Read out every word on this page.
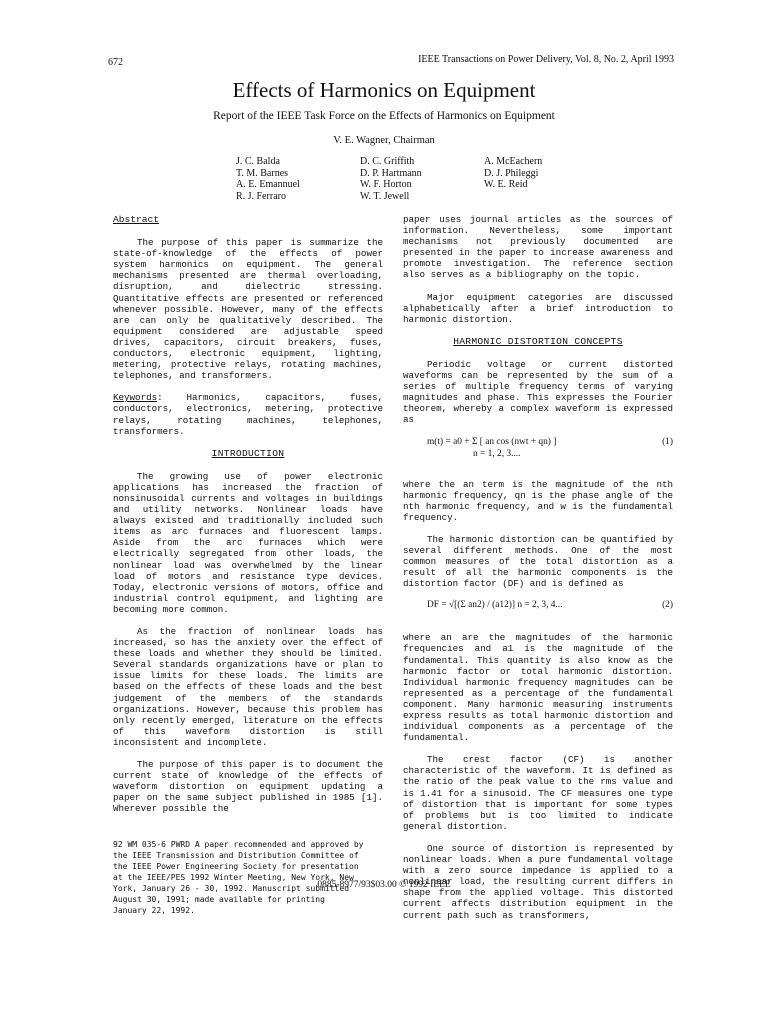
672	IEEE Transactions on Power Delivery, Vol. 8, No. 2, April 1993
Effects of Harmonics on Equipment
Report of the IEEE Task Force on the Effects of Harmonics on Equipment
V. E. Wagner, Chairman
J. C. Balda
T. M. Barnes
A. E. Emannuel
R. J. Ferraro
D. C. Griffith
D. P. Hartmann
W. F. Horton
W. T. Jewell
A. McEachern
D. J. Phileggi
W. E. Reid
Abstract

The purpose of this paper is summarize the state-of-knowledge of the effects of power system harmonics on equipment. The general mechanisms presented are thermal overloading, disruption, and dielectric stressing. Quantitative effects are presented or referenced whenever possible. However, many of the effects are can only be qualitatively described. The equipment considered are adjustable speed drives, capacitors, circuit breakers, fuses, conductors, electronic equipment, lighting, metering, protective relays, rotating machines, telephones, and transformers.

Keywords: Harmonics, capacitors, fuses, conductors, electronics, metering, protective relays, rotating machines, telephones, transformers.

INTRODUCTION

The growing use of power electronic applications has increased the fraction of nonsinusoidal currents and voltages in buildings and utility networks. Nonlinear loads have always existed and traditionally included such items as arc furnaces and fluorescent lamps. Aside from the arc furnaces which were electrically segregated from other loads, the nonlinear load was overwhelmed by the linear load of motors and resistance type devices. Today, electronic versions of motors, office and industrial control equipment, and lighting are becoming more common.

As the fraction of nonlinear loads has increased, so has the anxiety over the effect of these loads and whether they should be limited. Several standards organizations have or plan to issue limits for these loads. The limits are based on the effects of these loads and the best judgement of the members of the standards organizations. However, because this problem has only recently emerged, literature on the effects of this waveform distortion is still inconsistent and incomplete.

The purpose of this paper is to document the current state of knowledge of the effects of waveform distortion on equipment updating a paper on the same subject published in 1985 [1]. Wherever possible the

92 WM 035-6 PWRD A paper recommended and approved by
the IEEE Transmission and Distribution Committee of
the IEEE Power Engineering Society for presentation
at the IEEE/PES 1992 Winter Meeting, New York, New
York, January 26 - 30, 1992. Manuscript submitted
August 30, 1991; made available for printing
January 22, 1992.

paper uses journal articles as the sources of information. Nevertheless, some important mechanisms not previously documented are presented in the paper to increase awareness and promote investigation. The reference section also serves as a bibliography on the topic.

Major equipment categories are discussed alphabetically after a brief introduction to harmonic distortion.

HARMONIC DISTORTION CONCEPTS

Periodic voltage or current distorted waveforms can be represented by the sum of a series of multiple frequency terms of varying magnitudes and phase. This expresses the Fourier theorem, whereby a complex waveform is expressed as

m(t) = a0 + Σ [ an cos (nwt + qn) ]
n = 1, 2, 3....
(1)

where the an term is the magnitude of the nth harmonic frequency, qn is the phase angle of the nth harmonic frequency, and w is the fundamental frequency.

The harmonic distortion can be quantified by several different methods. One of the most common measures of the total distortion as a result of all the harmonic components is the distortion factor (DF) and is defined as

DF = √[(Σ an2) / (a12)] n = 2, 3, 4...	(2)

where an are the magnitudes of the harmonic frequencies and a1 is the magnitude of the fundamental. This quantity is also know as the harmonic factor or total harmonic distortion. Individual harmonic frequency magnitudes can be represented as a percentage of the fundamental component. Many harmonic measuring instruments express results as total harmonic distortion and individual components as a percentage of the fundamental.

The crest factor (CF) is another characteristic of the waveform. It is defined as the ratio of the peak value to the rms value and is 1.41 for a sinusoid. The CF measures one type of distortion that is important for some types of problems but is too limited to indicate general distortion.

One source of distortion is represented by nonlinear loads. When a pure fundamental voltage with a zero source impedance is applied to a nonlinear load, the resulting current differs in shape from the applied voltage. This distorted current affects distribution equipment in the current path such as transformers,

0885-8977/93$03.00 © 1992 IEEE
